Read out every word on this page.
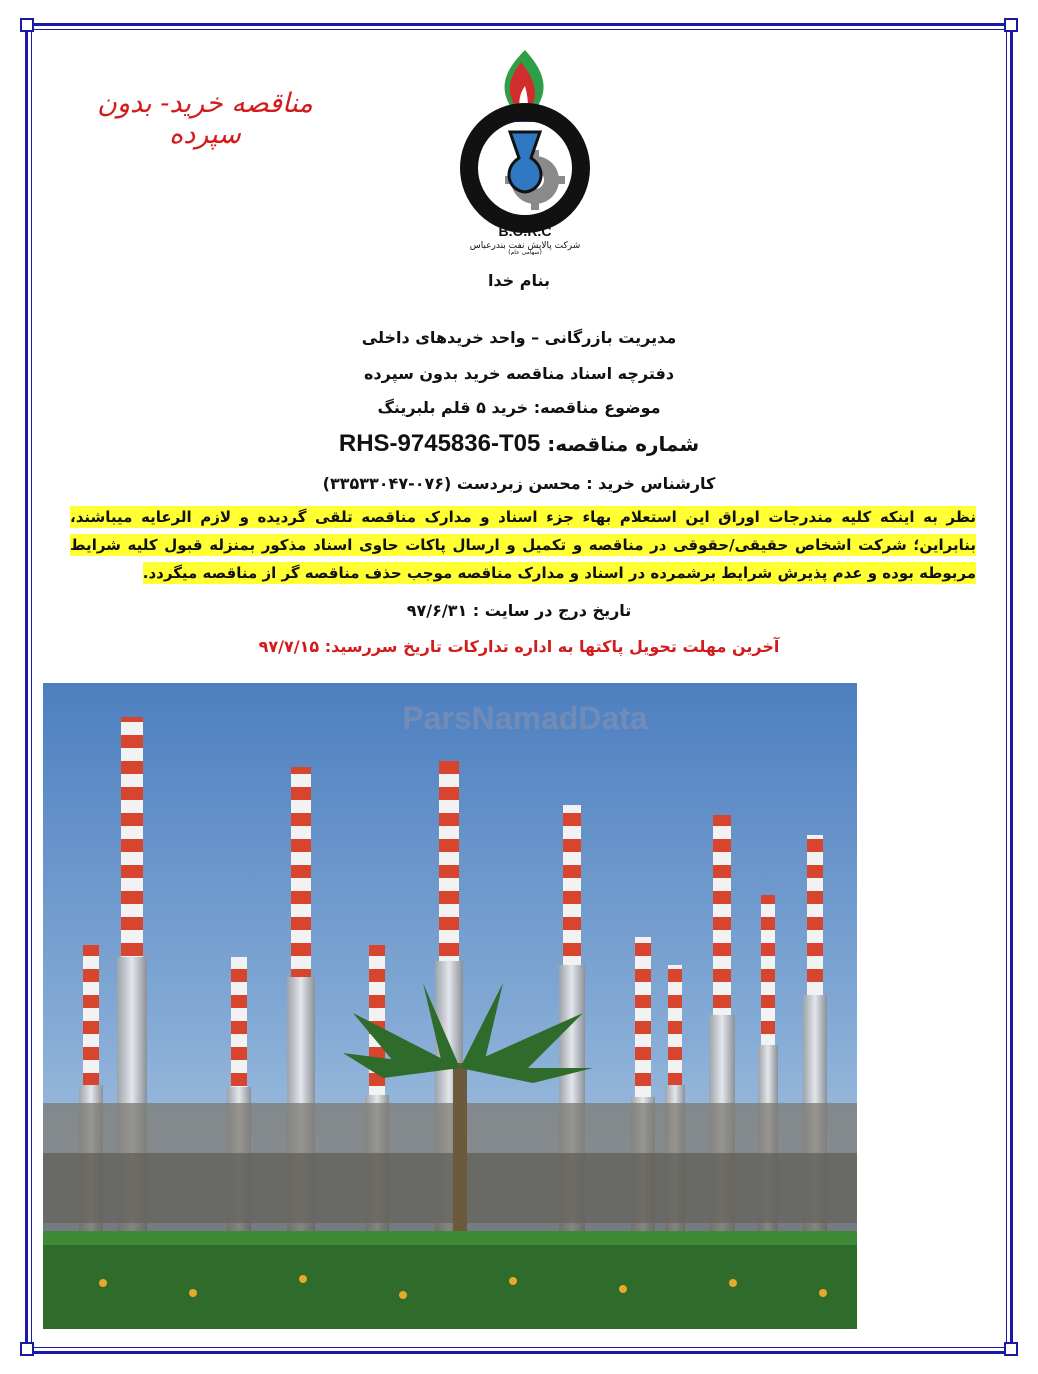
مناقصه خرید- بدون سپرده
B.O.R.C
شرکت پالایش نفت بندرعباس
(سهامی عام)
بنام خدا
مدیریت بازرگانی – واحد خریدهای داخلی
دفترچه اسناد مناقصه خرید بدون سپرده
موضوع مناقصه: خرید ۵ قلم بلبرینگ
شماره مناقصه: RHS-9745836-T05
کارشناس خرید : محسن زبردست (۰۷۶-۳۳۵۳۳۰۴۷)
نظر به اینکه کلیه مندرجات اوراق این استعلام بهاء جزء اسناد و مدارک مناقصه تلقی گردیده و لازم الرعایه میباشند، بنابراین؛ شرکت اشخاص حقیقی/حقوقی در مناقصه و تکمیل و ارسال پاکات حاوی اسناد مذکور بمنزله قبول کلیه شرایط مربوطه بوده و عدم پذیرش شرایط برشمرده در اسناد و مدارک مناقصه موجب حذف مناقصه گر از مناقصه میگردد.
تاریخ درج در سایت : ۹۷/۶/۳۱
آخرین مهلت تحویل پاکتها به اداره تدارکات تاریخ سررسید: ۹۷/۷/۱۵
ParsNamadData
